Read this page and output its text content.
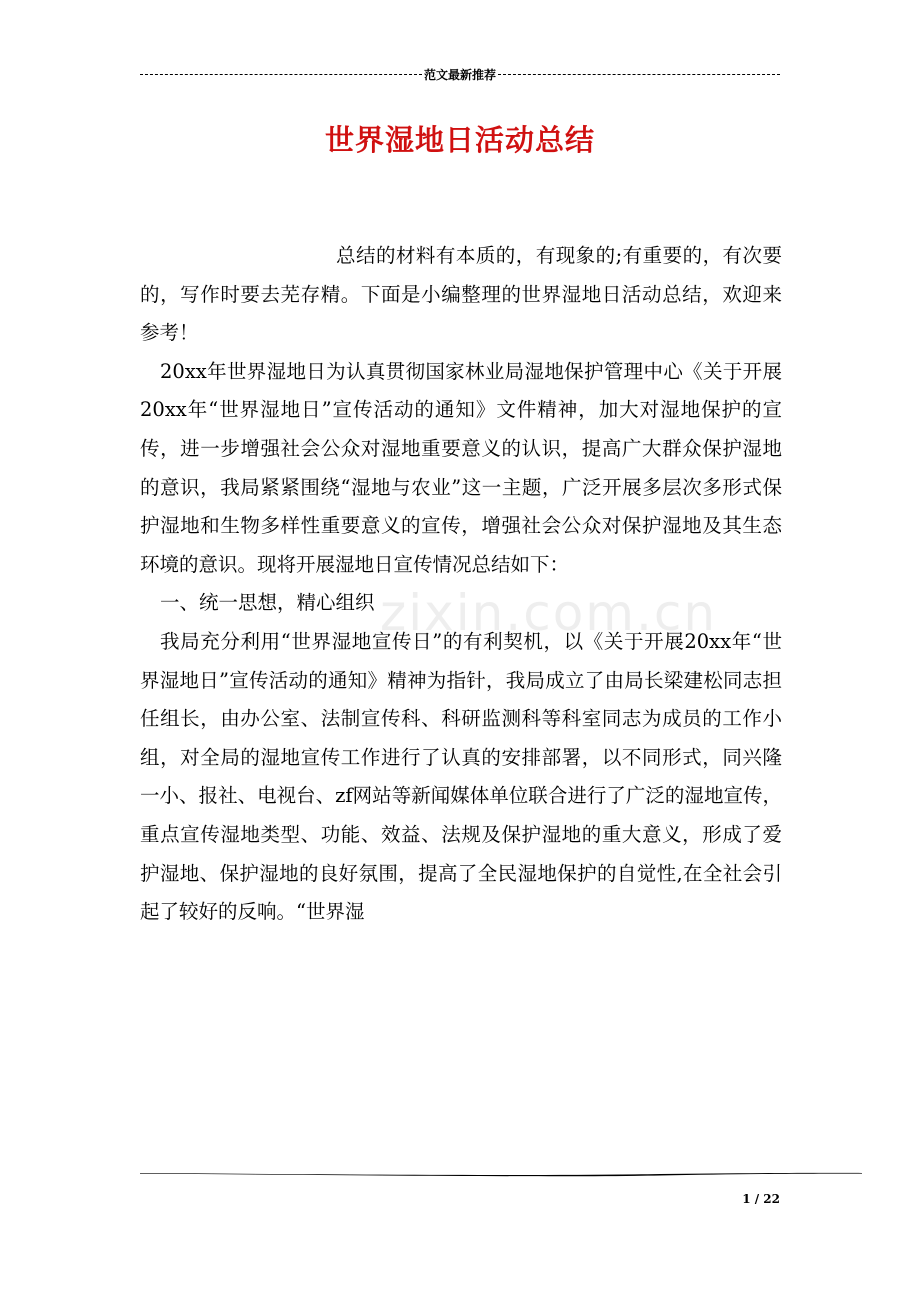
范文最新推荐
世界湿地日活动总结
zixin.com.cn

总结的材料有本质的，有现象的;有重要的，有次要的，写作时要去芜存精。下面是小编整理的世界湿地日活动总结，欢迎来参考！

20xx年世界湿地日为认真贯彻国家林业局湿地保护管理中心《关于开展20xx年“世界湿地日”宣传活动的通知》文件精神，加大对湿地保护的宣传，进一步增强社会公众对湿地重要意义的认识，提高广大群众保护湿地的意识，我局紧紧围绕“湿地与农业”这一主题，广泛开展多层次多形式保护湿地和生物多样性重要意义的宣传，增强社会公众对保护湿地及其生态环境的意识。现将开展湿地日宣传情况总结如下：

一、统一思想，精心组织

我局充分利用“世界湿地宣传日”的有利契机，以《关于开展20xx年“世界湿地日”宣传活动的通知》精神为指针，我局成立了由局长梁建松同志担任组长，由办公室、法制宣传科、科研监测科等科室同志为成员的工作小组，对全局的湿地宣传工作进行了认真的安排部署，以不同形式，同兴隆一小、报社、电视台、zf网站等新闻媒体单位联合进行了广泛的湿地宣传，重点宣传湿地类型、功能、效益、法规及保护湿地的重大意义，形成了爱护湿地、保护湿地的良好氛围，提高了全民湿地保护的自觉性,在全社会引起了较好的反响。“世界湿

1 / 22
